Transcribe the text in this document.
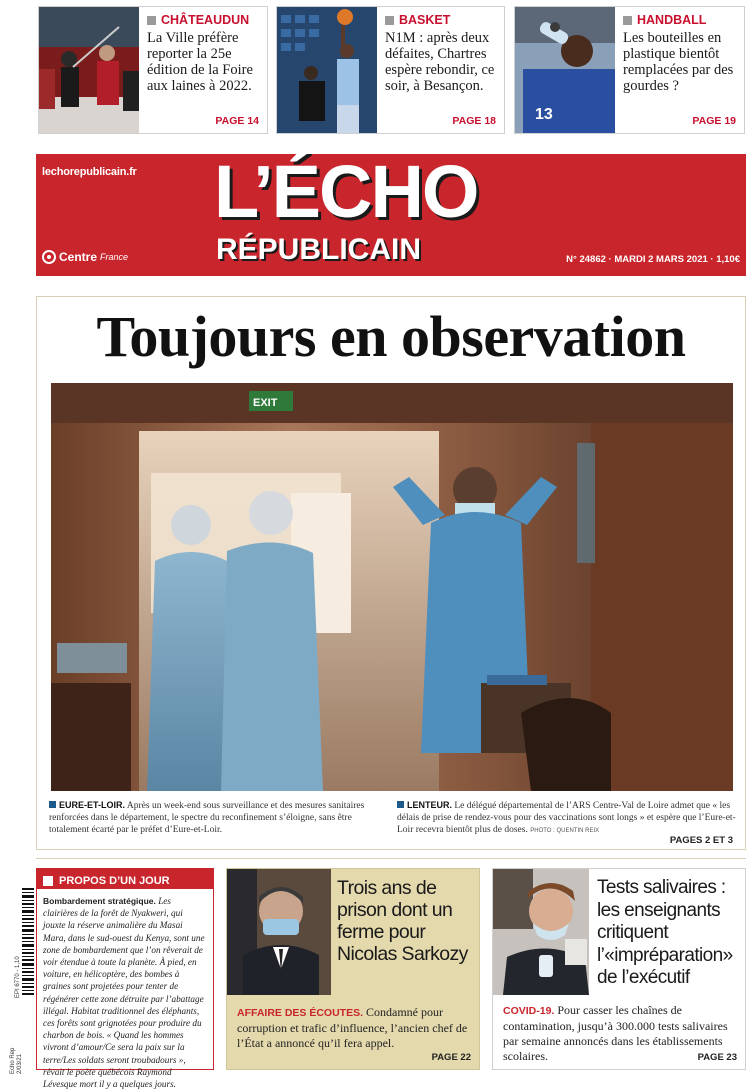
CHÂTEAUDUN
La Ville préfère reporter la 25e édition de la Foire aux laines à 2022.
PAGE 14
BASKET
N1M : après deux défaites, Chartres espère rebondir, ce soir, à Besançon.
PAGE 18 13
HANDBALL
Les bouteilles en plastique bientôt remplacées par des gourdes ?
PAGE 19
lechorepublicain.fr L’ÉCHO
RÉPUBLICAIN
Centre France	N° 24862 · MARDI 2 MARS 2021 · 1,10€
Toujours en observation
EXIT
EURE-ET-LOIR. Après un week-end sous surveillance et des mesures sanitaires renforcées dans le département, le spectre du reconfinement s’éloigne, sans être totalement écarté par le préfet d’Eure-et-Loir.
LENTEUR. Le délégué départemental de l’ARS Centre-Val de Loire admet que « les délais de prise de rendez-vous pour des vaccinations sont longs » et espère que l’Eure-et-Loir recevra bientôt plus de doses. PHOTO : QUENTIN REIX
PAGES 2 ET 3
Echo Rep 2/03/21
EPI 6770 - 1,10
PROPOS D’UN JOUR
Bombardement stratégique. Les clairières de la forêt de Nyakweri, qui jouxte la réserve animalière du Masai Mara, dans le sud-ouest du Kenya, sont une zone de bombardement que l’on rêverait de voir étendue à toute la planète. À pied, en voiture, en hélicoptère, des bombes à graines sont projetées pour tenter de régénérer cette zone détruite par l’abattage illégal. Habitat traditionnel des éléphants, ces forêts sont grignotées pour produire du charbon de bois. « Quand les hommes vivront d’amour/Ce sera la paix sur la terre/Les soldats seront troubadours », rêvait le poète québécois Raymond Lévesque mort il y a quelques jours.
Trois ans de prison dont un ferme pour Nicolas Sarkozy
AFFAIRE DES ÉCOUTES. Condamné pour corruption et trafic d’influence, l’ancien chef de l’État a annoncé qu’il fera appel.
PAGE 22
Tests salivaires : les enseignants critiquent l’«impréparation» de l’exécutif
COVID-19. Pour casser les chaînes de contamination, jusqu’à 300.000 tests salivaires par semaine annoncés dans les établissements scolaires.	PAGE 23
